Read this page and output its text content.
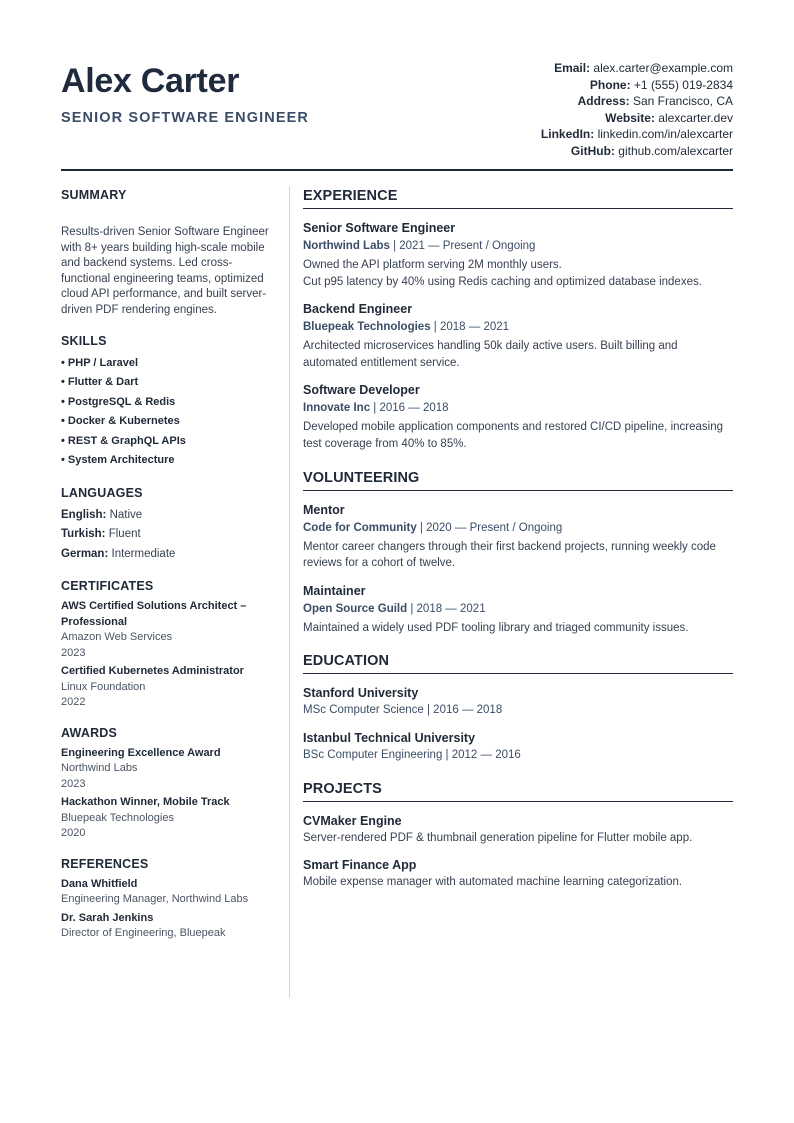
Alex Carter
SENIOR SOFTWARE ENGINEER
Email: alex.carter@example.com
Phone: +1 (555) 019-2834
Address: San Francisco, CA
Website: alexcarter.dev
LinkedIn: linkedin.com/in/alexcarter
GitHub: github.com/alexcarter
SUMMARY
Results-driven Senior Software Engineer with 8+ years building high-scale mobile and backend systems. Led cross-functional engineering teams, optimized cloud API performance, and built server-driven PDF rendering engines.
SKILLS
• PHP / Laravel
• Flutter & Dart
• PostgreSQL & Redis
• Docker & Kubernetes
• REST & GraphQL APIs
• System Architecture
LANGUAGES
English: Native
Turkish: Fluent
German: Intermediate
CERTIFICATES
AWS Certified Solutions Architect – Professional
Amazon Web Services
2023
Certified Kubernetes Administrator
Linux Foundation
2022
AWARDS
Engineering Excellence Award
Northwind Labs
2023
Hackathon Winner, Mobile Track
Bluepeak Technologies
2020
REFERENCES
Dana Whitfield
Engineering Manager, Northwind Labs
Dr. Sarah Jenkins
Director of Engineering, Bluepeak
EXPERIENCE
Senior Software Engineer
Northwind Labs | 2021 — Present / Ongoing
Owned the API platform serving 2M monthly users.
Cut p95 latency by 40% using Redis caching and optimized database indexes.
Backend Engineer
Bluepeak Technologies | 2018 — 2021
Architected microservices handling 50k daily active users. Built billing and automated entitlement service.
Software Developer
Innovate Inc | 2016 — 2018
Developed mobile application components and restored CI/CD pipeline, increasing test coverage from 40% to 85%.
VOLUNTEERING
Mentor
Code for Community | 2020 — Present / Ongoing
Mentor career changers through their first backend projects, running weekly code reviews for a cohort of twelve.
Maintainer
Open Source Guild | 2018 — 2021
Maintained a widely used PDF tooling library and triaged community issues.
EDUCATION
Stanford University
MSc Computer Science | 2016 — 2018
Istanbul Technical University
BSc Computer Engineering | 2012 — 2016
PROJECTS
CVMaker Engine
Server-rendered PDF & thumbnail generation pipeline for Flutter mobile app.
Smart Finance App
Mobile expense manager with automated machine learning categorization.
